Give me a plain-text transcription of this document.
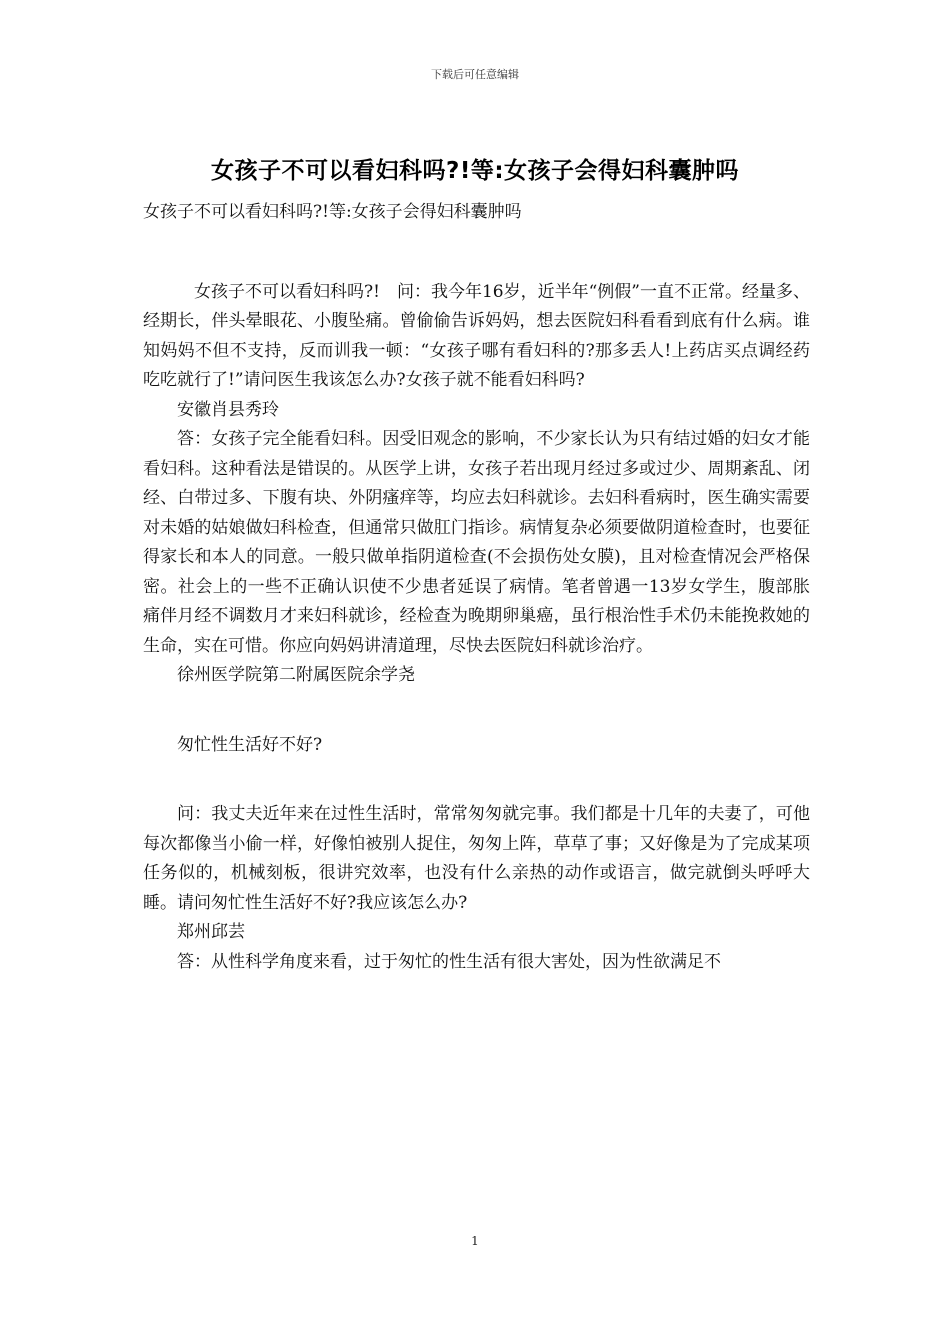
下载后可任意编辑
女孩子不可以看妇科吗?!等:女孩子会得妇科囊肿吗

女孩子不可以看妇科吗?!等:女孩子会得妇科囊肿吗

女孩子不可以看妇科吗?!　问：我今年16岁，近半年“例假”一直不正常。经量多、经期长，伴头晕眼花、小腹坠痛。曾偷偷告诉妈妈，想去医院妇科看看到底有什么病。谁知妈妈不但不支持，反而训我一顿：“女孩子哪有看妇科的?那多丢人!上药店买点调经药吃吃就行了!”请问医生我该怎么办?女孩子就不能看妇科吗?

安徽肖县秀玲

答：女孩子完全能看妇科。因受旧观念的影响，不少家长认为只有结过婚的妇女才能看妇科。这种看法是错误的。从医学上讲，女孩子若出现月经过多或过少、周期紊乱、闭经、白带过多、下腹有块、外阴瘙痒等，均应去妇科就诊。去妇科看病时，医生确实需要对未婚的姑娘做妇科检查，但通常只做肛门指诊。病情复杂必须要做阴道检查时，也要征得家长和本人的同意。一般只做单指阴道检查(不会损伤处女膜)，且对检查情况会严格保密。社会上的一些不正确认识使不少患者延误了病情。笔者曾遇一13岁女学生，腹部胀痛伴月经不调数月才来妇科就诊，经检查为晚期卵巢癌，虽行根治性手术仍未能挽救她的生命，实在可惜。你应向妈妈讲清道理，尽快去医院妇科就诊治疗。

徐州医学院第二附属医院余学尧

匆忙性生活好不好?

问：我丈夫近年来在过性生活时，常常匆匆就完事。我们都是十几年的夫妻了，可他每次都像当小偷一样，好像怕被别人捉住，匆匆上阵，草草了事；又好像是为了完成某项任务似的，机械刻板，很讲究效率，也没有什么亲热的动作或语言，做完就倒头呼呼大睡。请问匆忙性生活好不好?我应该怎么办?

郑州邱芸

答：从性科学角度来看，过于匆忙的性生活有很大害处，因为性欲满足不

1
